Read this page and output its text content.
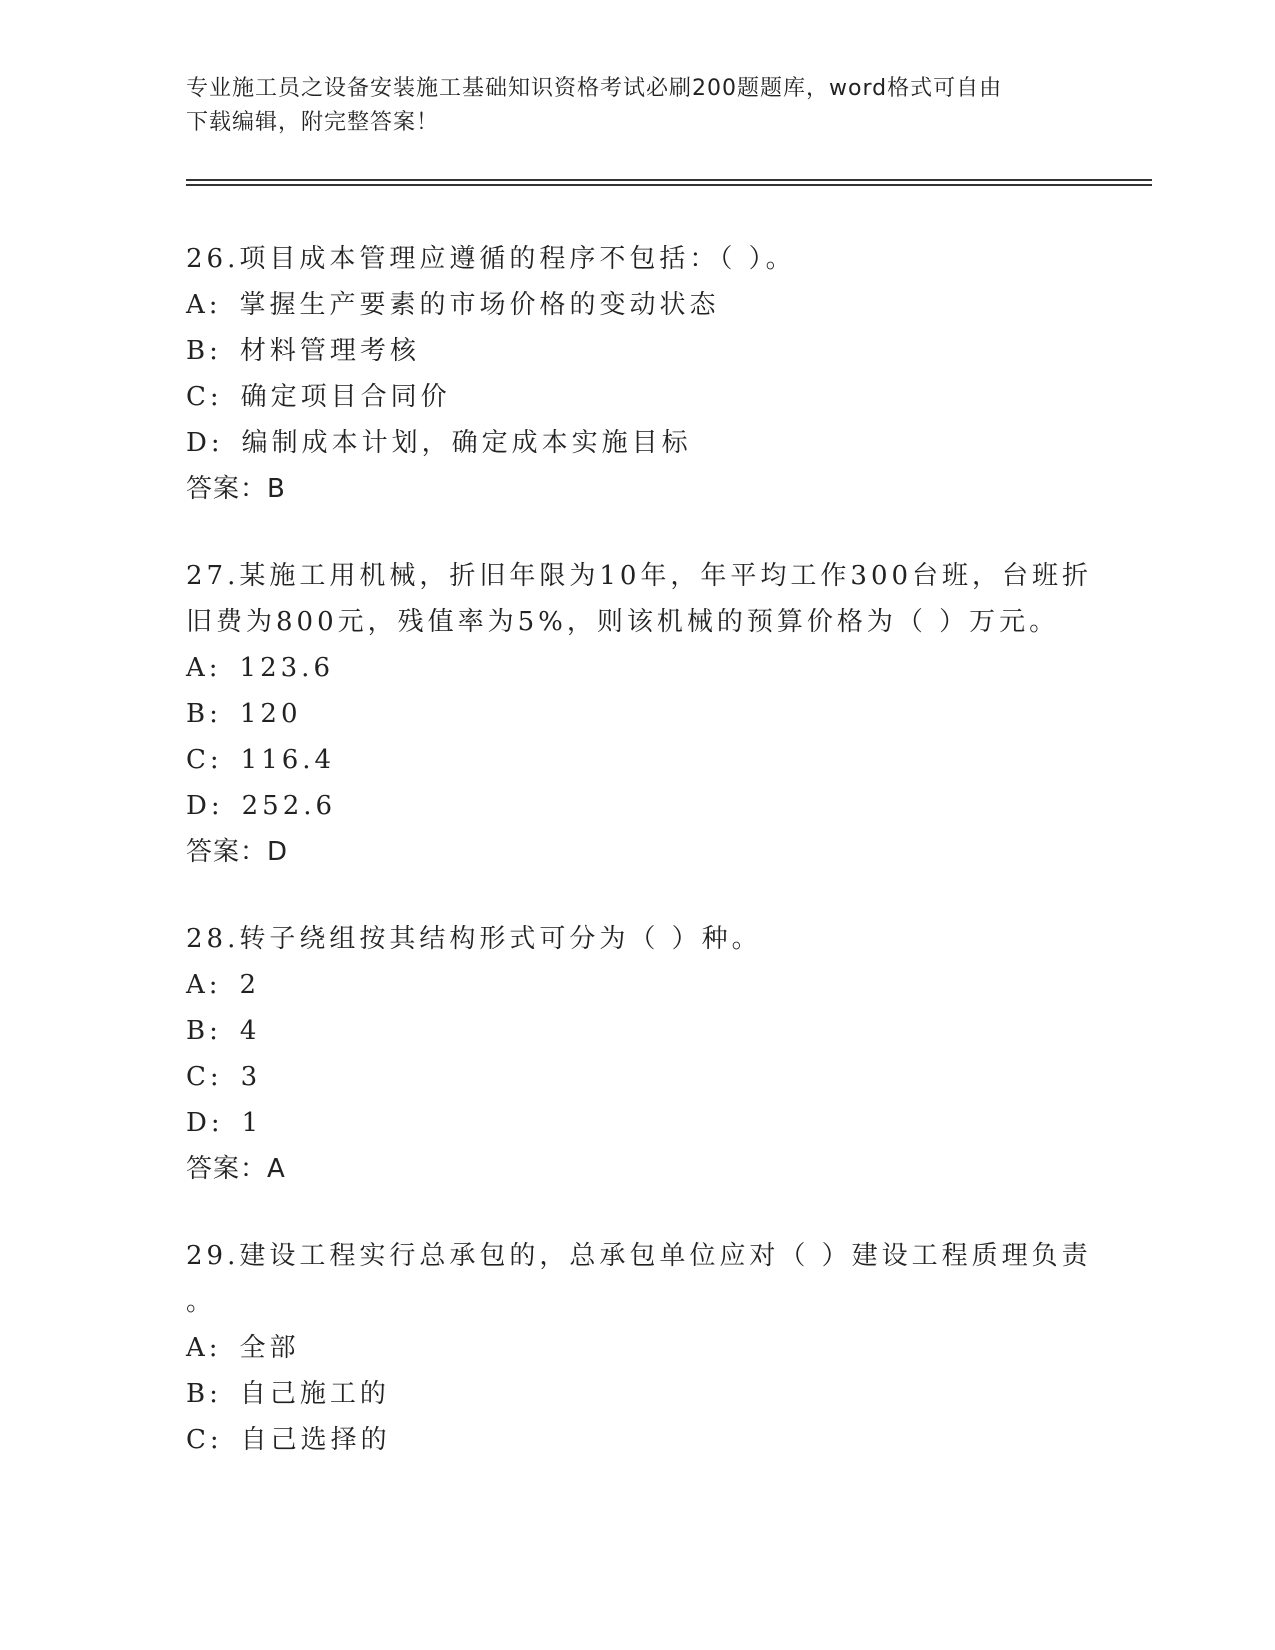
专业施工员之设备安装施工基础知识资格考试必刷200题题库，word格式可自由
下载编辑，附完整答案！
26.项目成本管理应遵循的程序不包括：（ ）。
A: 掌握生产要素的市场价格的变动状态
B: 材料管理考核
C: 确定项目合同价
D: 编制成本计划，确定成本实施目标
答案：B
27.某施工用机械，折旧年限为10年，年平均工作300台班，台班折
旧费为800元，残值率为5%，则该机械的预算价格为（ ）万元。
A: 123.6
B: 120
C: 116.4
D: 252.6
答案：D
28.转子绕组按其结构形式可分为（ ）种。
A: 2
B: 4
C: 3
D: 1
答案：A
29.建设工程实行总承包的，总承包单位应对（ ）建设工程质理负责
。
A: 全部
B: 自己施工的
C: 自己选择的
